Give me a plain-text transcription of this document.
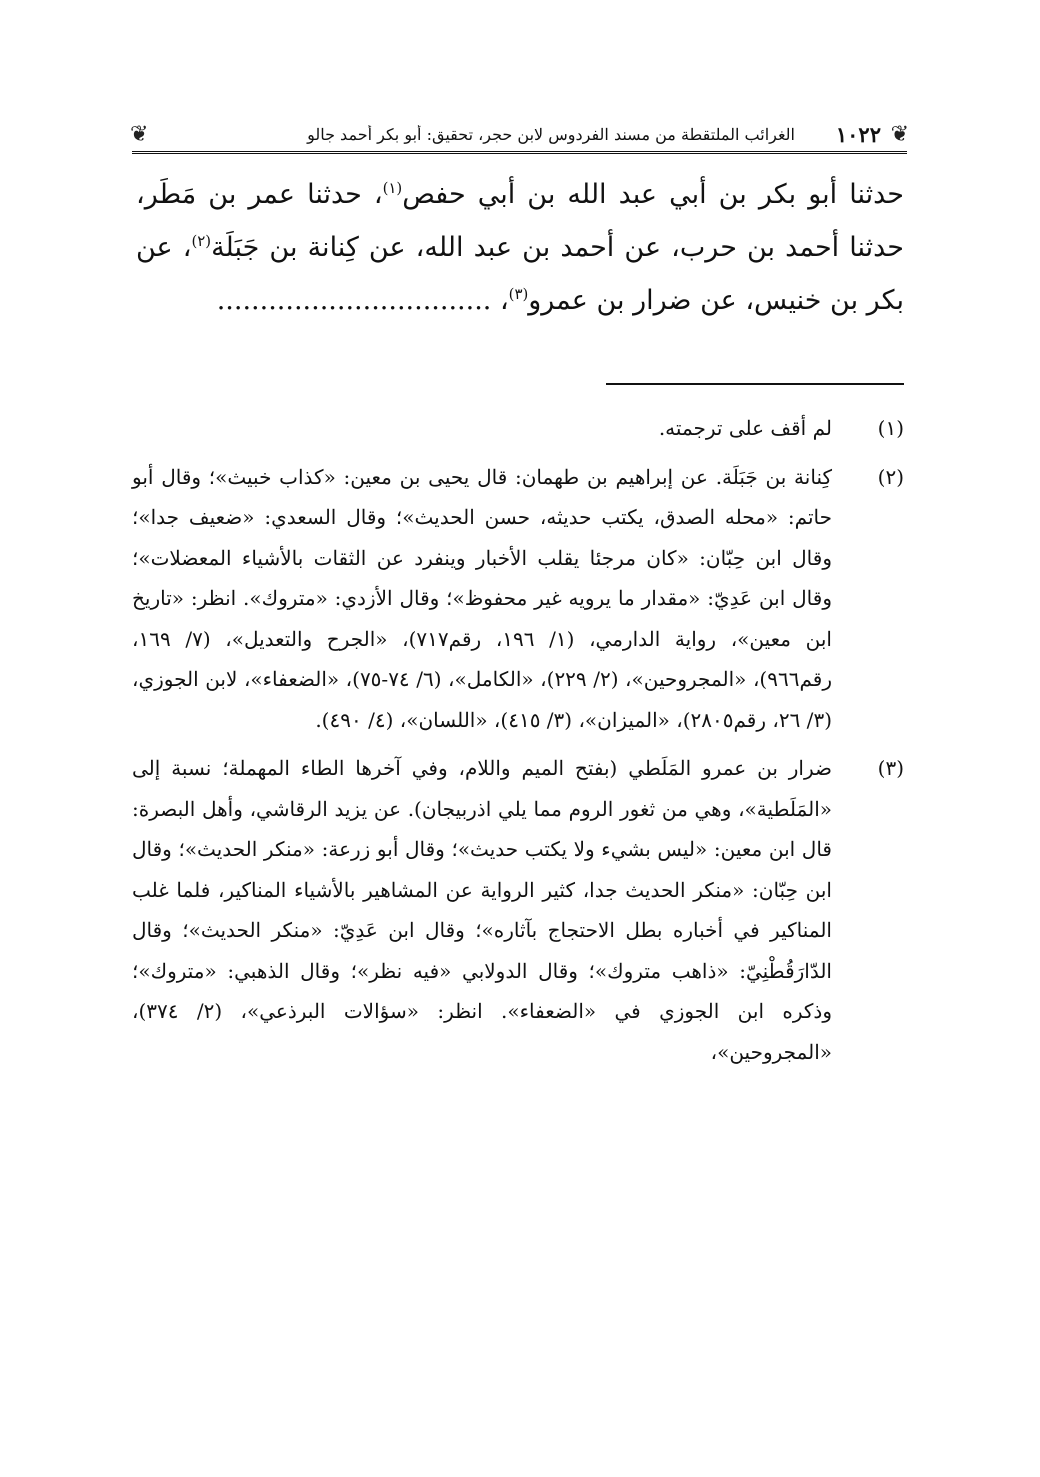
❦
١٠٢٢
الغرائب الملتقطة من مسند الفردوس لابن حجر، تحقيق: أبو بكر أحمد جالو
❦

حدثنا أبو بكر بن أبي عبد الله بن أبي حفص$^{(١)}$، حدثنا عمر بن مَطَر، حدثنا أحمد بن حرب، عن أحمد بن عبد الله، عن كِنانة بن جَبَلَة$^{(٢)}$، عن بكر بن خنيس، عن ضرار بن عمرو$^{(٣)}$، ................................

(١)
لم أقف على ترجمته.
(٢)
كِنانة بن جَبَلَة. عن إبراهيم بن طهمان: قال يحيى بن معين: «كذاب خبيث»؛ وقال أبو حاتم: «محله الصدق، يكتب حديثه، حسن الحديث»؛ وقال السعدي: «ضعيف جدا»؛ وقال ابن حِبّان: «كان مرجئا يقلب الأخبار وينفرد عن الثقات بالأشياء المعضلات»؛ وقال ابن عَدِيّ: «مقدار ما يرويه غير محفوظ»؛ وقال الأزدي: «متروك». انظر: «تاريخ ابن معين»، رواية الدارمي، (١/ ١٩٦، رقم٧١٧)، «الجرح والتعديل»، (٧/ ١٦٩، رقم٩٦٦)، «المجروحين»، (٢/ ٢٢٩)، «الكامل»، (٦/ ٧٤-٧٥)، «الضعفاء»، لابن الجوزي، (٣/ ٢٦، رقم٢٨٠٥)، «الميزان»، (٣/ ٤١٥)، «اللسان»، (٤/ ٤٩٠).
(٣)
ضرار بن عمرو المَلَطي (بفتح الميم واللام، وفي آخرها الطاء المهملة؛ نسبة إلى «المَلَطية»، وهي من ثغور الروم مما يلي اذربيجان). عن يزيد الرقاشي، وأهل البصرة: قال ابن معين: «ليس بشيء ولا يكتب حديث»؛ وقال أبو زرعة: «منكر الحديث»؛ وقال ابن حِبّان: «منكر الحديث جدا، كثير الرواية عن المشاهير بالأشياء المناكير، فلما غلب المناكير في أخباره بطل الاحتجاج بآثاره»؛ وقال ابن عَدِيّ: «منكر الحديث»؛ وقال الدّارَقُطْنِيّ: «ذاهب متروك»؛ وقال الدولابي «فيه نظر»؛ وقال الذهبي: «متروك»؛ وذكره ابن الجوزي في «الضعفاء». انظر: «سؤالات البرذعي»، (٢/ ٣٧٤)، «المجروحين»،
